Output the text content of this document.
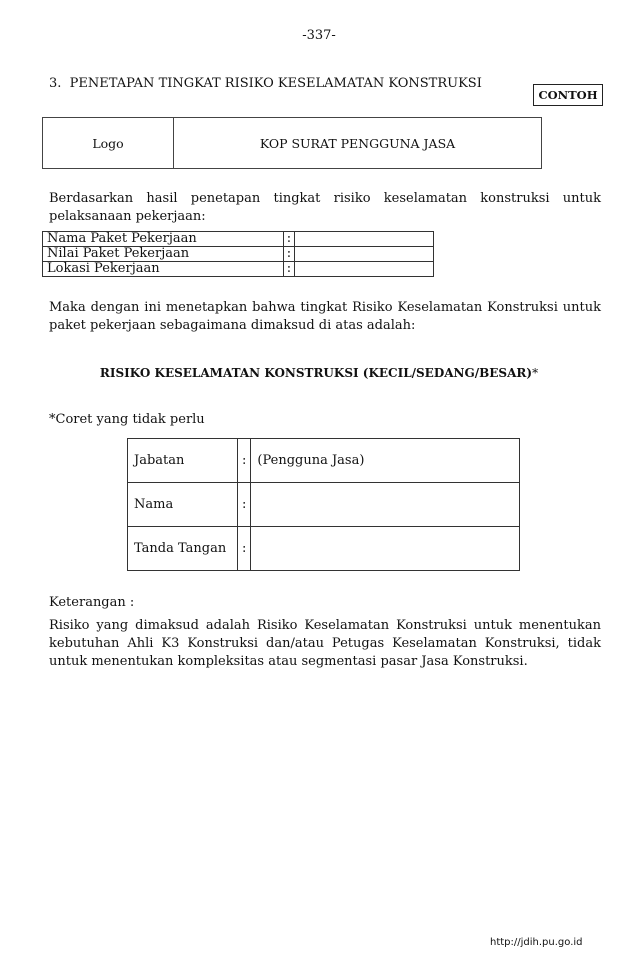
-337-
3.  PENETAPAN TINGKAT RISIKO KESELAMATAN KONSTRUKSI
CONTOH
Logo	KOP SURAT PENGGUNA JASA
Berdasarkan hasil penetapan tingkat risiko keselamatan konstruksi untuk pelaksanaan pekerjaan:
Nama Paket Pekerjaan	:	
Nilai Paket Pekerjaan	:	
Lokasi Pekerjaan	:	
Maka dengan ini menetapkan bahwa tingkat Risiko Keselamatan Konstruksi untuk paket pekerjaan sebagaimana dimaksud di atas adalah:
RISIKO KESELAMATAN KONSTRUKSI (KECIL/SEDANG/BESAR)*
*Coret yang tidak perlu
Jabatan	:	(Pengguna Jasa)
Nama	:	
Tanda Tangan	:	
Keterangan :
Risiko yang dimaksud adalah Risiko Keselamatan Konstruksi untuk menentukan kebutuhan Ahli K3 Konstruksi dan/atau Petugas Keselamatan Konstruksi, tidak untuk menentukan kompleksitas atau segmentasi pasar Jasa Konstruksi.
http://jdih.pu.go.id
